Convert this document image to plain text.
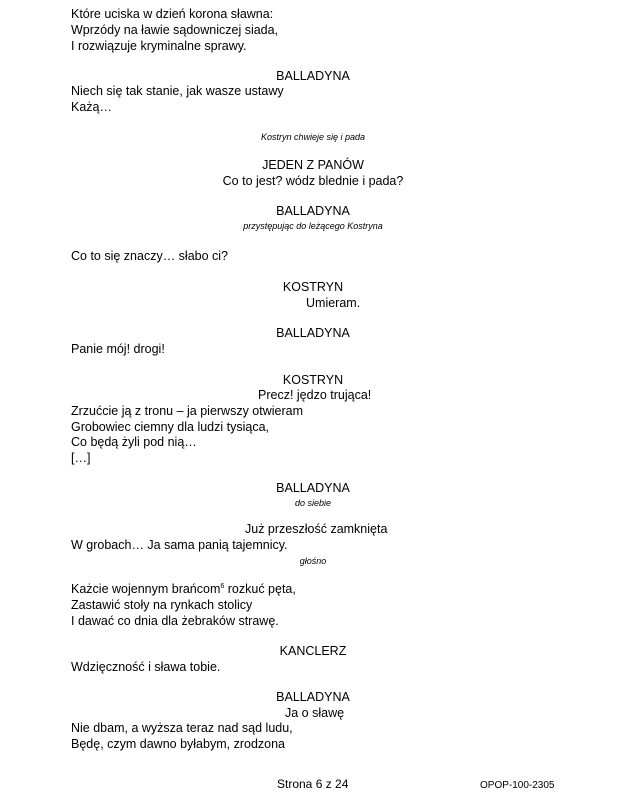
Które uciska w dzień korona sławna:
Wprzódy na ławie sądowniczej siada,
I rozwiązuje kryminalne sprawy.
BALLADYNA
Niech się tak stanie, jak wasze ustawy
Każą…
Kostryn chwieje się i pada
JEDEN Z PANÓW
Co to jest? wódz blednie i pada?
BALLADYNA
przystępując do leżącego Kostryna
Co to się znaczy… słabo ci?
KOSTRYN
Umieram.
BALLADYNA
Panie mój! drogi!
KOSTRYN
Precz! jędzo trująca!
Zrzućcie ją z tronu – ja pierwszy otwieram
Grobowiec ciemny dla ludzi tysiąca,
Co będą żyli pod nią…
[…]
BALLADYNA
do siebie
Już przeszłość zamknięta
W grobach… Ja sama panią tajemnicy.
głośno
Każcie wojennym brańcom$^6$ rozkuć pęta,
Zastawić stoły na rynkach stolicy
I dawać co dnia dla żebraków strawę.
KANCLERZ
Wdzięczność i sława tobie.
BALLADYNA
Ja o sławę
Nie dbam, a wyższa teraz nad sąd ludu,
Będę, czym dawno byłabym, zrodzona
Strona 6 z 24	OPOP-100-2305
